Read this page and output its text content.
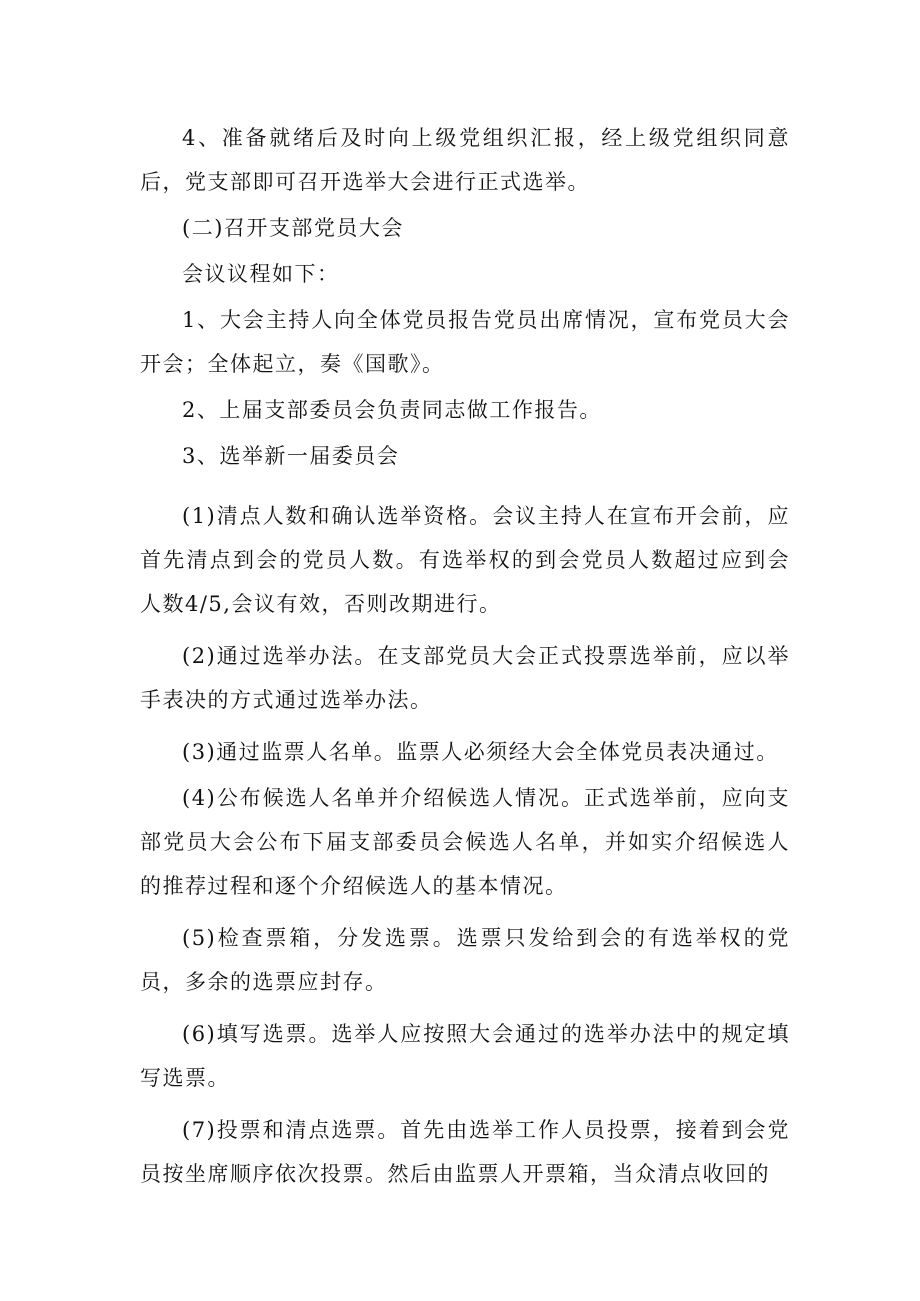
4、准备就绪后及时向上级党组织汇报，经上级党组织同意后，党支部即可召开选举大会进行正式选举。

(二)召开支部党员大会

会议议程如下：

1、大会主持人向全体党员报告党员出席情况，宣布党员大会开会；全体起立，奏《国歌》。

2、上届支部委员会负责同志做工作报告。

3、选举新一届委员会

(1)清点人数和确认选举资格。会议主持人在宣布开会前，应首先清点到会的党员人数。有选举权的到会党员人数超过应到会人数4/5,会议有效，否则改期进行。

(2)通过选举办法。在支部党员大会正式投票选举前，应以举手表决的方式通过选举办法。

(3)通过监票人名单。监票人必须经大会全体党员表决通过。

(4)公布候选人名单并介绍候选人情况。正式选举前，应向支部党员大会公布下届支部委员会候选人名单，并如实介绍候选人的推荐过程和逐个介绍候选人的基本情况。

(5)检查票箱，分发选票。选票只发给到会的有选举权的党员，多余的选票应封存。

(6)填写选票。选举人应按照大会通过的选举办法中的规定填写选票。

(7)投票和清点选票。首先由选举工作人员投票，接着到会党员按坐席顺序依次投票。然后由监票人开票箱，当众清点收回的
